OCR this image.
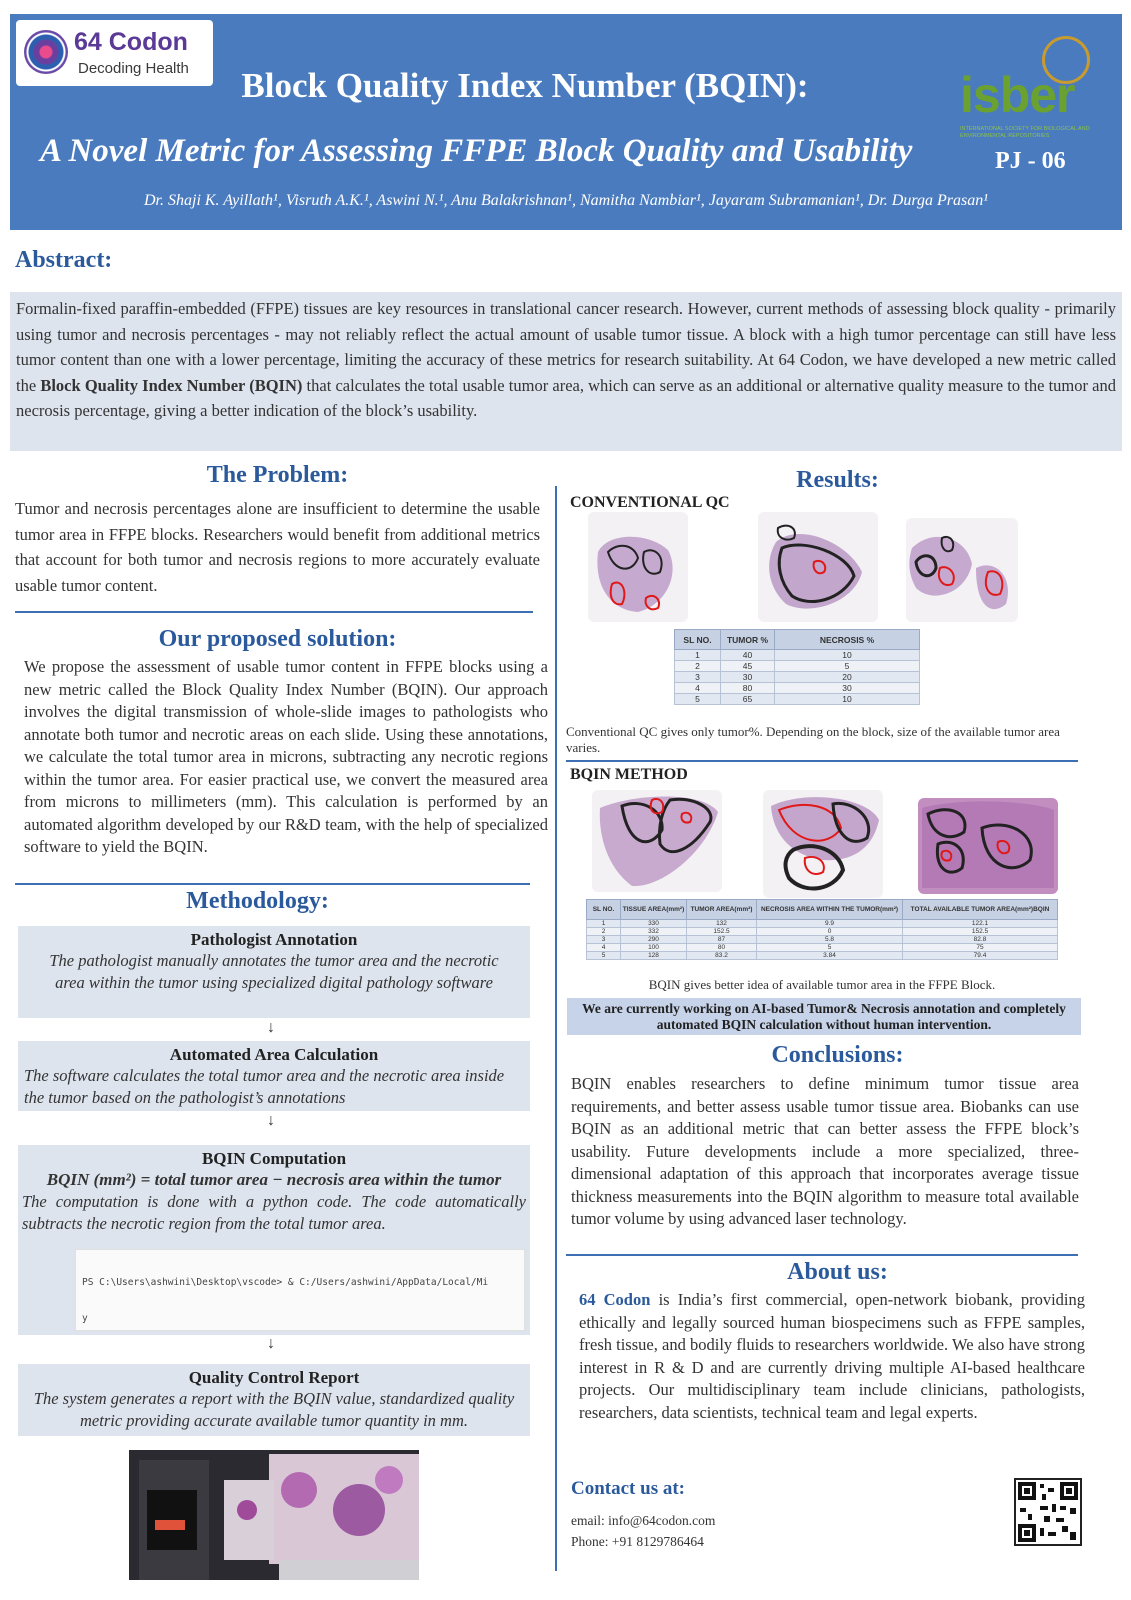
64 Codon
Decoding Health	Block Quality Index Number (BQIN):
A Novel Metric for Assessing FFPE Block Quality and Usability
Dr. Shaji K. Ayillath¹, Visruth A.K.¹, Aswini N.¹, Anu Balakrishnan¹, Namitha Nambiar¹, Jayaram Subramanian¹, Dr. Durga Prasan¹
isber
INTERNATIONAL SOCIETY FOR BIOLOGICAL AND ENVIRONMENTAL REPOSITORIES
PJ - 06
Abstract:
Formalin-fixed paraffin-embedded (FFPE) tissues are key resources in translational cancer research. However, current methods of assessing block quality - primarily using tumor and necrosis percentages - may not reliably reflect the actual amount of usable tumor tissue. A block with a high tumor percentage can still have less tumor content than one with a lower percentage, limiting the accuracy of these metrics for research suitability. At 64 Codon, we have developed a new metric called the Block Quality Index Number (BQIN) that calculates the total usable tumor area, which can serve as an additional or alternative quality measure to the tumor and necrosis percentage, giving a better indication of the block’s usability.
The Problem:
Tumor and necrosis percentages alone are insufficient to determine the usable tumor area in FFPE blocks. Researchers would benefit from additional metrics that account for both tumor and necrosis regions to more accurately evaluate usable tumor content.
Our proposed solution:
We propose the assessment of usable tumor content in FFPE blocks using a new metric called the Block Quality Index Number (BQIN). Our approach involves the digital transmission of whole-slide images to pathologists who annotate both tumor and necrotic areas on each slide. Using these annotations, we calculate the total tumor area in microns, subtracting any necrotic regions within the tumor area. For easier practical use, we convert the measured area from microns to millimeters (mm). This calculation is performed by an automated algorithm developed by our R&D team, with the help of specialized software to yield the BQIN.
Methodology:
Pathologist Annotation
The pathologist manually annotates the tumor area and the necrotic area within the tumor using specialized digital pathology software
↓
Automated Area Calculation
The software calculates the total tumor area and the necrotic area inside the tumor based on the pathologist’s annotations
↓
BQIN Computation
BQIN (mm²) = total tumor area − necrosis area within the tumor
The computation is done with a python code. The code automatically subtracts the necrotic region from the total tumor area.

PS C:\Users\ashwini\Desktop\vscode> & C:/Users/ashwini/AppData/Local/Mi

y

↓
Quality Control Report
The system generates a report with the BQIN value, standardized quality metric providing accurate available tumor quantity in mm.
Results:
CONVENTIONAL QC
SL NO.	TUMOR %	NECROSIS %
1	40	10
2	45	5
3	30	20
4	80	30
5	65	10
Conventional QC gives only tumor%. Depending on the block, size of the available tumor area varies.
BQIN METHOD
SL NO.	TISSUE AREA(mm²)	TUMOR AREA(mm²)	NECROSIS AREA WITHIN THE TUMOR(mm²)	TOTAL AVAILABLE TUMOR AREA(mm²)BQIN
1	330	132	9.9	122.1
2	332	152.5	0	152.5
3	290	87	5.8	82.8
4	100	80	5	75
5	128	83.2	3.84	79.4
BQIN gives better idea of available tumor area in the FFPE Block.
We are currently working on AI-based Tumor& Necrosis annotation and completely automated BQIN calculation without human intervention.
Conclusions:
BQIN enables researchers to define minimum tumor tissue area requirements, and better assess usable tumor tissue area. Biobanks can use BQIN as an additional metric that can better assess the FFPE block’s usability. Future developments include a more specialized, three-dimensional adaptation of this approach that incorporates average tissue thickness measurements into the BQIN algorithm to measure total available tumor volume by using advanced laser technology.
About us:
64 Codon is India’s first commercial, open-network biobank, providing ethically and legally sourced human biospecimens such as FFPE samples, fresh tissue, and bodily fluids to researchers worldwide. We also have strong interest in R & D and are currently driving multiple AI-based healthcare projects. Our multidisciplinary team include clinicians, pathologists, researchers, data scientists, technical team and legal experts.
Contact us at:
email: info@64codon.com
Phone: +91 8129786464
